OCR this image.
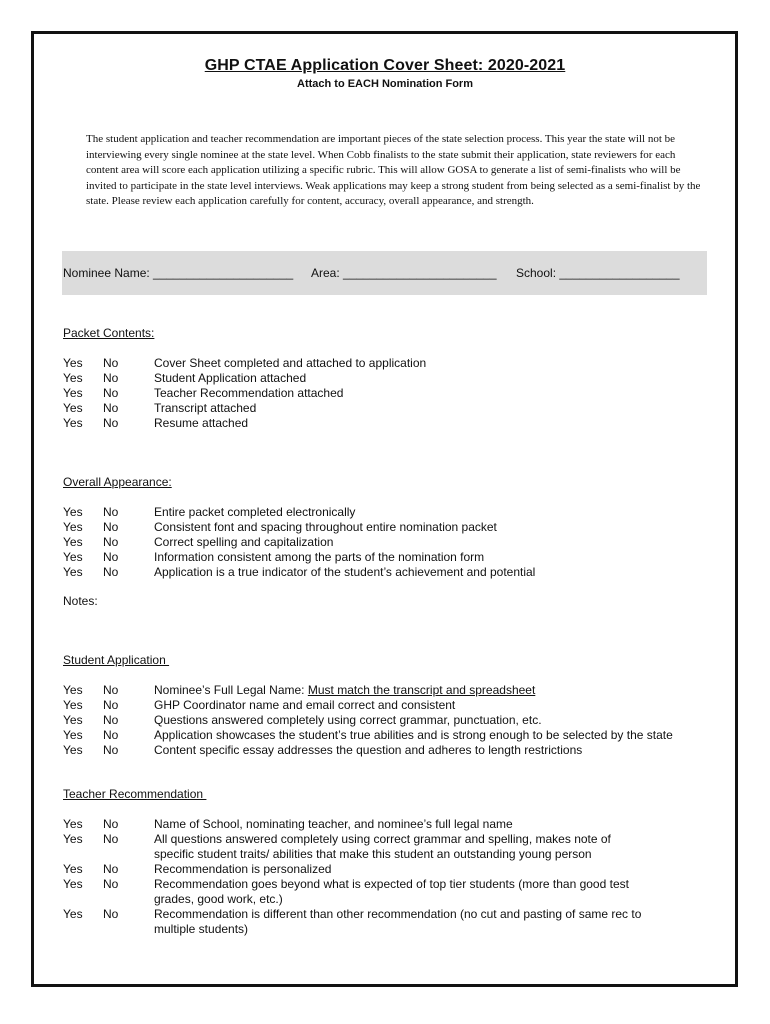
GHP CTAE Application Cover Sheet: 2020-2021
Attach to EACH Nomination Form
The student application and teacher recommendation are important pieces of the state selection process. This year the state will not be interviewing every single nominee at the state level. When Cobb finalists to the state submit their application, state reviewers for each content area will score each application utilizing a specific rubric. This will allow GOSA to generate a list of semi-finalists who will be invited to participate in the state level interviews. Weak applications may keep a strong student from being selected as a semi-finalist by the state. Please review each application carefully for content, accuracy, overall appearance, and strength.
Nominee Name: _____________________ Area: _______________________ School: __________________
Packet Contents:
Yes No	Cover Sheet completed and attached to application
Yes No	Student Application attached
Yes No	Teacher Recommendation attached
Yes No	Transcript attached
Yes No	Resume attached
Overall Appearance:
Yes No	Entire packet completed electronically
Yes No	Consistent font and spacing throughout entire nomination packet
Yes No	Correct spelling and capitalization
Yes No	Information consistent among the parts of the nomination form
Yes No	Application is a true indicator of the student’s achievement and potential
Notes:
Student Application
Yes No	Nominee’s Full Legal Name: Must match the transcript and spreadsheet
Yes No	GHP Coordinator name and email correct and consistent
Yes No	Questions answered completely using correct grammar, punctuation, etc.
Yes No	Application showcases the student’s true abilities and is strong enough to be selected by the state
Yes No	Content specific essay addresses the question and adheres to length restrictions
Teacher Recommendation
Yes No	Name of School, nominating teacher, and nominee’s full legal name
Yes No	All questions answered completely using correct grammar and spelling, makes note of specific student traits/ abilities that make this student an outstanding young person
Yes No	Recommendation is personalized
Yes No	Recommendation goes beyond what is expected of top tier students (more than good test grades, good work, etc.)
Yes No	Recommendation is different than other recommendation (no cut and pasting of same rec to multiple students)
